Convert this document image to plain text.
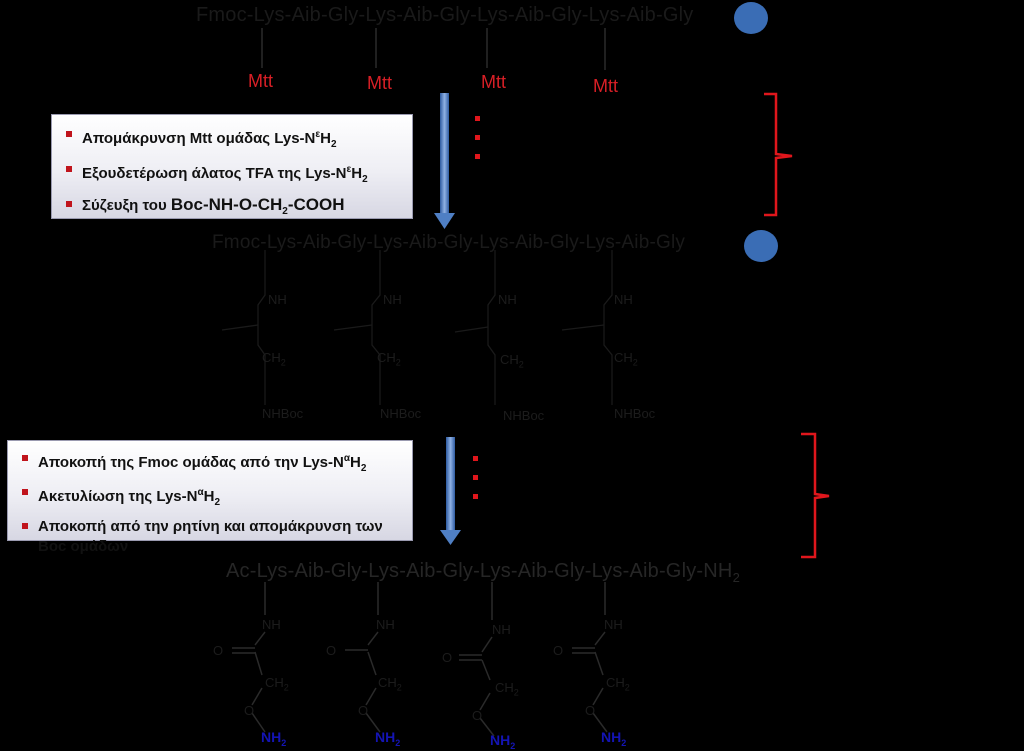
Fmoc-Lys-Aib-Gly-Lys-Aib-Gly-Lys-Aib-Gly-Lys-Aib-Gly
Mtt	Mtt	Mtt	Mtt
Απομάκρυνση Mtt ομάδας Lys-$N^\varepsilon H_2$
Εξουδετέρωση άλατος TFA της Lys-$N^\varepsilon H_2$
Σύζευξη του Boc-$NH-O-CH_2$-COOH
Fmoc-Lys-Aib-Gly-Lys-Aib-Gly-Lys-Aib-Gly-Lys-Aib-Gly
NH	NH	NH	NH
$CH_2$	$CH_2$	$CH_2$	$CH_2$
NHBoc	NHBoc	NHBoc	NHBoc
Αποκοπή της Fmoc ομάδας από την Lys-$N^\alpha H_2$
Ακετυλίωση της Lys-$N^\alpha H_2$
Αποκοπή από την ρητίνη και απομάκρυνση των Boc ομάδων
$Ac-Lys-Aib-Gly-Lys-Aib-Gly-Lys-Aib-Gly-Lys-Aib-Gly-NH_2$
NH	NH	NH	NH
O	O	O	O
$CH_2$	$CH_2$	$CH_2$
$CH_2$
O	O	O	O
$NH_2$	$NH_2$	$NH_2$
$NH_2$
